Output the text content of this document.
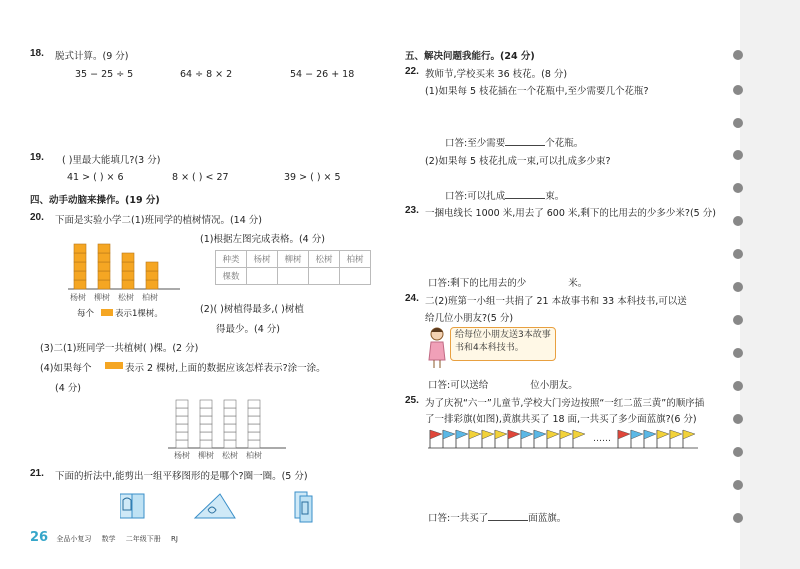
18. 脱式计算。(9 分)
35 − 25 ÷ 5	64 ÷ 8 × 2	54 − 26 + 18
19. ( )里最大能填几?(3 分)
41 > ( ) × 6	8 × ( ) < 27	39 > ( ) × 5
四、动手动脑来操作。(19 分)
20. 下面是实验小学二(1)班同学的植树情况。(14 分)
杨树 柳树 松树 柏树
每个 表示1棵树。
(1)根据左图完成表格。(4 分)
种类	杨树	柳树	松树	柏树
棵数				
(2)( )树植得最多,( )树植
得最少。(4 分)
(3)二(1)班同学一共植树( )棵。(2 分)
(4)如果每个	表示 2 棵树,上面的数据应该怎样表示?涂一涂。
(4 分)
杨树 柳树 松树 柏树
21. 下面的折法中,能剪出一组平移图形的是哪个?圈一圈。(5 分)
26 全品小复习 数学 二年级下册 RJ
五、解决问题我能行。(24 分)
22. 教师节,学校买来 36 枝花。(8 分)
(1)如果每 5 枝花插在一个花瓶中,至少需要几个花瓶?
口答:至少需要	个花瓶。
(2)如果每 5 枝花扎成一束,可以扎成多少束?
口答:可以扎成	束。
23. 一捆电线长 1000 米,用去了 600 米,剩下的比用去的少多少米?(5 分)
口答:剩下的比用去的少	米。
24. 二(2)班第一小组一共捐了 21 本故事书和 33 本科技书,可以送
给几位小朋友?(5 分)
给每位小朋友送3本故事书和4本科技书。
口答:可以送给	位小朋友。
25. 为了庆祝“六一”儿童节,学校大门旁边按照“一红二蓝三黄”的顺序插
了一排彩旗(如图),黄旗共买了 18 面,一共买了多少面蓝旗?(6 分)
……
口答:一共买了	面蓝旗。
